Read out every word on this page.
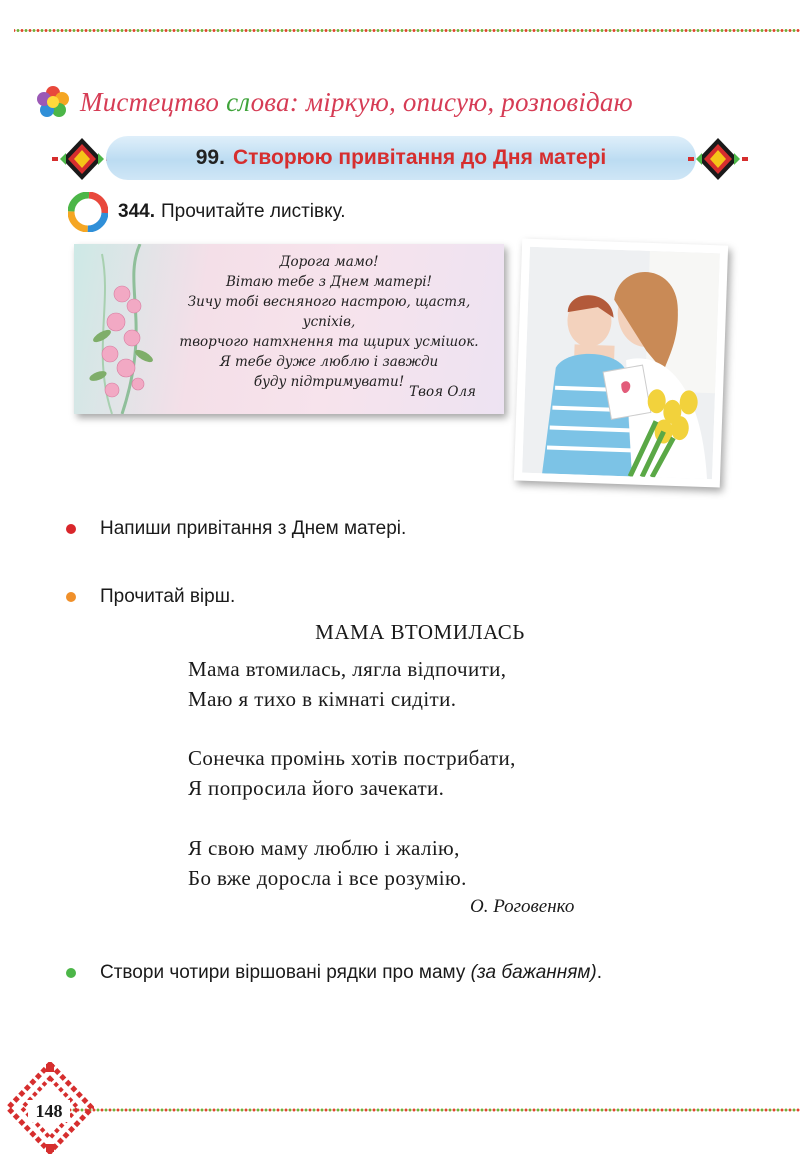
Мистецтво слова: міркую, описую, розповідаю
99. Створюю привітання до Дня матері
344. Прочитайте листівку.
Дорога мамо!
Вітаю тебе з Днем матері!
Зичу тобі весняного настрою, щастя, успіхів,
творчого натхнення та щирих усмішок.
Я тебе дуже люблю і завжди
буду підтримувати!
Твоя Оля
Напиши привітання з Днем матері.
Прочитай вірш.
МАМА ВТОМИЛАСЬ
Мама втомилась, лягла відпочити,
Маю я тихо в кімнаті сидіти.
Сонечка промінь хотів пострибати,
Я попросила його зачекати.
Я свою маму люблю і жалію,
Бо вже доросла і все розумію.
О. Роговенко
Створи чотири віршовані рядки про маму
(за бажанням) .
148
